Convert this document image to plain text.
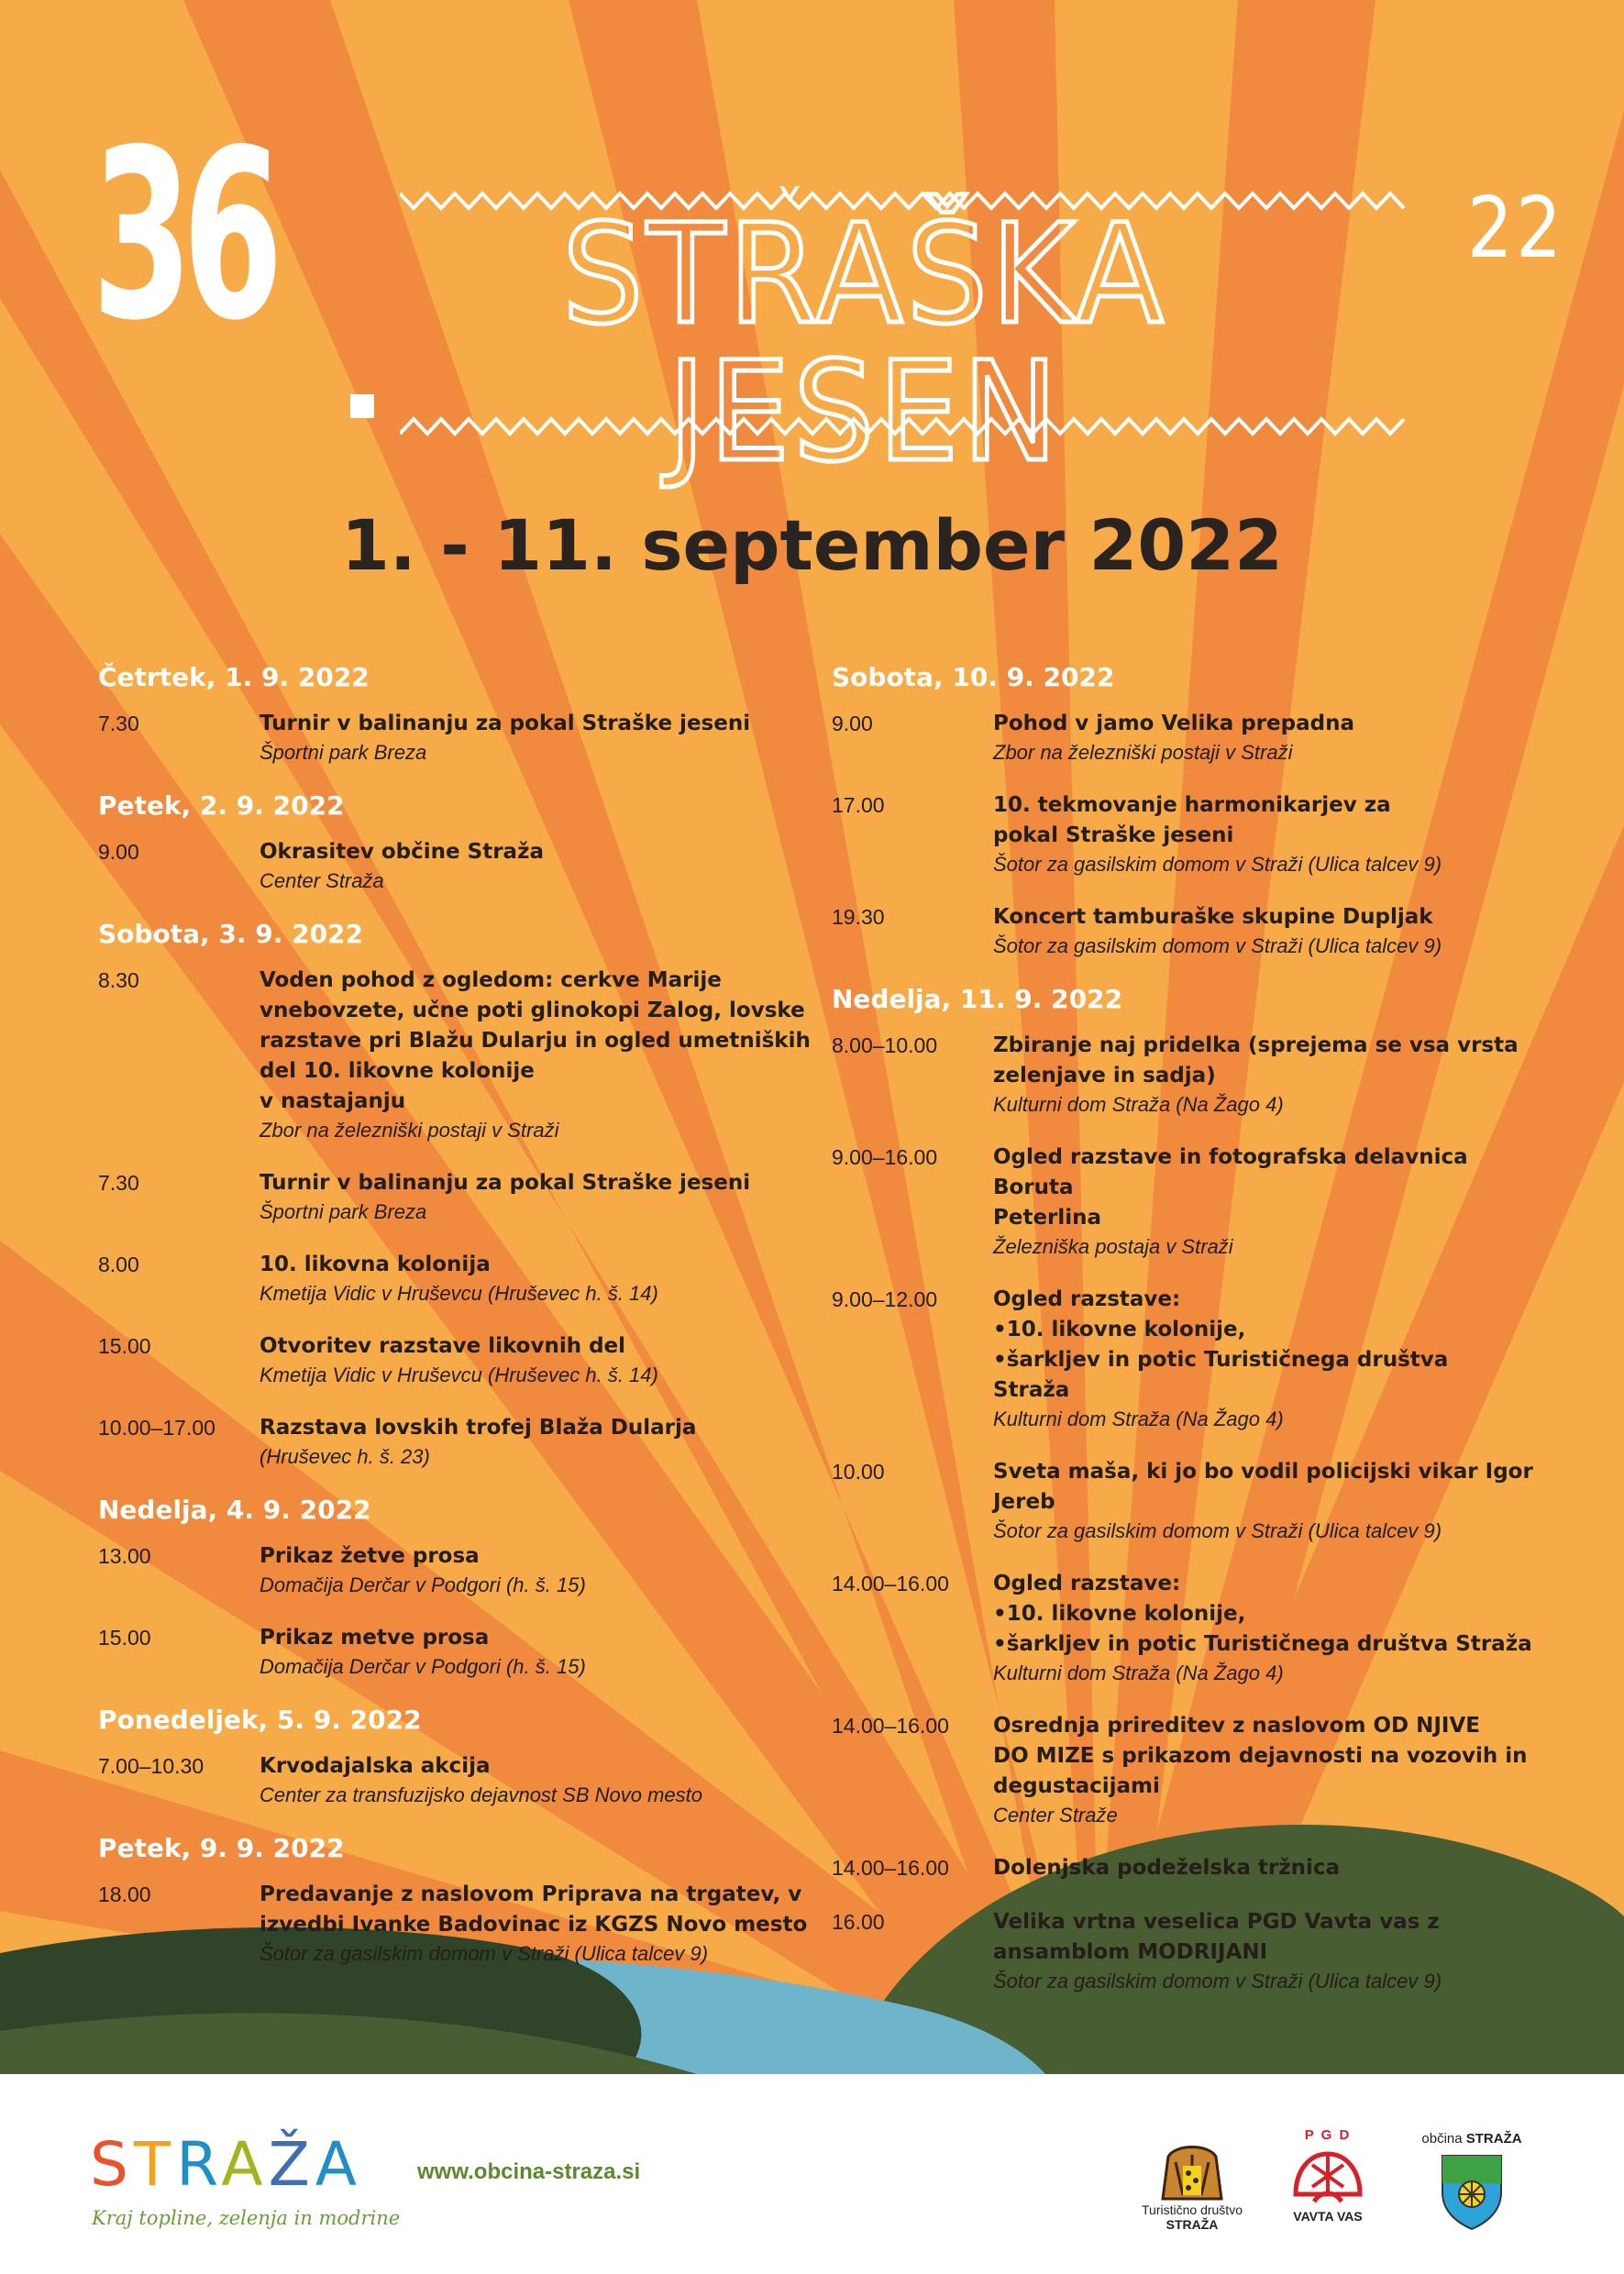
36	STRAŠKA JESEN
22
1. - 11. september 2022
Četrtek, 1. 9. 2022
7.30	Turnir v balinanju za pokal Straške jeseni
Športni park Breza
Petek, 2. 9. 2022
9.00	Okrasitev občine Straža
Center Straža
Sobota, 3. 9. 2022
8.30	Voden pohod z ogledom: cerkve Marije
vnebovzete, učne poti glinokopi Zalog, lovske
razstave pri Blažu Dularju in ogled umetniških
del 10. likovne kolonije
v nastajanju
Zbor na železniški postaji v Straži
7.30	Turnir v balinanju za pokal Straške jeseni
Športni park Breza
8.00	10. likovna kolonija
Kmetija Vidic v Hruševcu (Hruševec h. š. 14)
15.00	Otvoritev razstave likovnih del
Kmetija Vidic v Hruševcu (Hruševec h. š. 14)
10.00–17.00	Razstava lovskih trofej Blaža Dularja
(Hruševec h. š. 23)
Nedelja, 4. 9. 2022
13.00	Prikaz žetve prosa
Domačija Derčar v Podgori (h. š. 15)
15.00	Prikaz metve prosa
Domačija Derčar v Podgori (h. š. 15)
Ponedeljek, 5. 9. 2022
7.00–10.30	Krvodajalska akcija
Center za transfuzijsko dejavnost SB Novo mesto
Petek, 9. 9. 2022
18.00	Predavanje z naslovom Priprava na trgatev, v
izvedbi Ivanke Badovinac iz KGZS Novo mesto
Šotor za gasilskim domom v Straži (Ulica talcev 9)
Sobota, 10. 9. 2022
9.00	Pohod v jamo Velika prepadna
Zbor na železniški postaji v Straži
17.00	10. tekmovanje harmonikarjev za
pokal Straške jeseni
Šotor za gasilskim domom v Straži (Ulica talcev 9)
19.30	Koncert tamburaške skupine Dupljak
Šotor za gasilskim domom v Straži (Ulica talcev 9)
Nedelja, 11. 9. 2022
8.00–10.00	Zbiranje naj pridelka (sprejema se vsa vrsta
zelenjave in sadja)
Kulturni dom Straža (Na Žago 4)
9.00–16.00	Ogled razstave in fotografska delavnica Boruta
Peterlina
Železniška postaja v Straži
9.00–12.00	Ogled razstave:
•10. likovne kolonije,
•šarkljev in potic Turističnega društva
Straža
Kulturni dom Straža (Na Žago 4)
10.00	Sveta maša, ki jo bo vodil policijski vikar Igor
Jereb
Šotor za gasilskim domom v Straži (Ulica talcev 9)
14.00–16.00	Ogled razstave:
•10. likovne kolonije,
•šarkljev in potic Turističnega društva Straža
Kulturni dom Straža (Na Žago 4)
14.00–16.00	Osrednja prireditev z naslovom OD NJIVE
DO MIZE s prikazom dejavnosti na vozovih in
degustacijami
Center Straže
14.00–16.00	Dolenjska podeželska tržnica
16.00	Velika vrtna veselica PGD Vavta vas z
ansamblom MODRIJANI
Šotor za gasilskim domom v Straži (Ulica talcev 9)
STRAŽA
Kraj topline, zelenja in modrine
www.obcina-straza.si
Turistično društvo
STRAŽA
P G D
VAVTA VAS
občina STRAŽA
